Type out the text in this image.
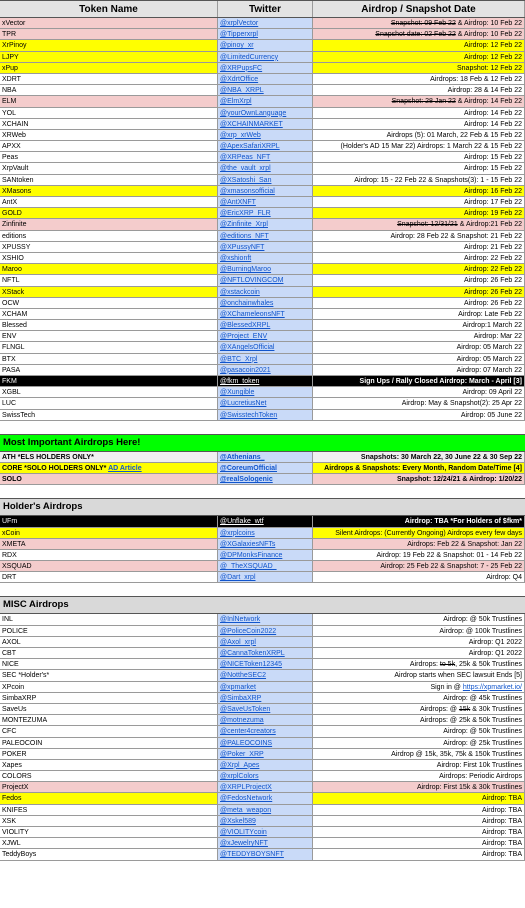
Token Name	Twitter	Airdrop / Snapshot Date
xVector	@xrplVector	Snapshot: 09 Feb 22 & Airdrop: 10 Feb 22
TPR	@Tipperxrpl	Snapshot date: 02 Feb 22 & Airdrop: 10 Feb 22
XrPinoy	@pinoy_xr	Airdrop: 12 Feb 22
LJPY	@LimitedCurrency	Airdrop: 12 Feb 22
xPup	@XRPupsFC	Snapshot: 12 Feb 22
XDRT	@XdrtOffice	Airdrops: 18 Feb & 12 Feb 22
NBA	@NBA_XRPL	Airdrop: 28 & 14 Feb 22
ELM	@ElmXrpl	Snapshot: 28 Jan 22 & Airdrop: 14 Feb 22
YOL	@yourOwnLanguage	Airdrop: 14 Feb 22
XCHAIN	@XCHAINMARKET	Airdrop: 14 Feb 22
XRWeb	@xrp_xrWeb	Airdrops (5): 01 March, 22 Feb & 15 Feb 22
APXX	@ApexSafariXRPL	(Holder's AD 15 Mar 22) Airdrops: 1 March 22 & 15 Feb 22
Peas	@XRPeas_NFT	Airdrop: 15 Feb 22
XrpVault	@the_vault_xrpl	Airdrop: 15 Feb 22
SANtoken	@XSatoshi_San	Airdrop: 15 - 22 Feb 22 & Snapshots(3): 1 - 15 Feb 22
XMasons	@xmasonsofficial	Airdrop: 16 Feb 22
AntX	@AntXNFT	Airdrop: 17 Feb 22
GOLD	@EricXRP_FLR	Airdrop: 19 Feb 22
Zinfinite	@Zinfinite_Xrpl	Snapshot: 12/31/21 & Airdrop:21 Feb 22
editions	@editions_NFT	Airdrop: 28 Feb 22 & Snapshot: 21 Feb 22
XPUSSY	@XPussyNFT	Airdrop: 21 Feb 22
XSHIO	@xshionft	Airdrop: 22 Feb 22
Maroo	@BurningMaroo	Airdrop: 22 Feb 22
NFTL	@NFTLOVINGCOM	Airdrop: 26 Feb 22
XStack	@xstackcoin	Airdrop: 26 Feb 22
OCW	@onchainwhales	Airdrop: 26 Feb 22
XCHAM	@XChameleonsNFT	Airdrop: Late Feb 22
Blessed	@BlessedXRPL	Airdrop:1 March 22
ENV	@Project_ENV	Airdrop: Mar 22
FLNGL	@XAngelsOfficial	Airdrop: 05 March 22
BTX	@BTC_Xrpl	Airdrop: 05 March 22
PASA	@pasacoin2021	Airdrop: 07 March 22
FKM	@fkm_token	Sign Ups / Rally Closed Airdrop: March - April [3]
XGBL	@Xungible	Airdrop: 09 April 22
LUC	@LucretiusNet	Airdrop: May & Snapshot(2): 25 Apr 22
SwissTech	@SwisstechToken	Airdrop: 05 June 22
Most Important Airdrops Here!
ATH *ELS HOLDERS ONLY*	@Athenians_	Snapshots: 30 March 22, 30 June 22 & 30 Sep 22
CORE *SOLO HOLDERS ONLY* AD Article	@CoreumOfficial	Airdrops & Snapshots: Every Month, Random Date/Time [4]
SOLO	@realSologenic	Snapshot: 12/24/21 & Airdrop: 1/20/22
Holder's Airdrops
UFm	@Unflake_wtf	Airdrop: TBA *For Holders of $fkm*
xCoin	@xrplcoins	Silent Airdrops: (Currently Ongoing) Airdrops every few days
XMETA	@XGalaxiesNFTs	Airdrops: Feb 22 & Snapshot: Jan 22
RDX	@DPMonksFinance	Airdrop: 19 Feb 22 & Snapshot: 01 - 14 Feb 22
XSQUAD	@_TheXSQUAD_	Airdrop: 25 Feb 22 & Snapshot: 7 - 25 Feb 22
DRT	@Dart_xrpl	Airdrop: Q4
MISC Airdrops
INL	@InlNetwork	Airdrop: @ 50k Trustlines
POLICE	@PoliceCoin2022	Airdrop: @ 100k Trustlines
AXOL	@Axol_xrpl	Airdrop: Q1 2022
CBT	@CannaTokenXRPL	Airdrop: Q1 2022
NICE	@NICEToken12345	Airdrops: to 5k, 25k & 50k Trustlines
SEC *Holder's*	@NottheSEC2	Airdrop starts when SEC lawsuit Ends [5]
XPcoin	@xpmarket	Sign in @ https://xpmarket.io/
SimbaXRP	@SimbaXRP	Airdrop: @ 45k Trustlines
SaveUs	@SaveUsToken	Airdrops: @ 15k & 30k Trustlines
MONTEZUMA	@motnezuma	Airdrops: @ 25k & 50k Trustlines
CFC	@center4creators	Airdrop: @ 50k Trustlines
PALEOCOIN	@PALEOCOINS	Airdrop: @ 25k Trustlines
POKER	@Poker_XRP	Airdrop @ 15k, 35k, 75k & 150k Trustlines
Xapes	@Xrpl_Apes	Airdrop: First 10k Trustlines
COLORS	@xrplColors	Airdrops: Periodic Airdrops
ProjectX	@XRPLProjectX	Airdrop: First 15k & 30k Trustlines
Fedos	@FedosNetwork	Airdrop: TBA
KNIFES	@meta_weapon	Airdrop: TBA
XSK	@Xskel589	Airdrop: TBA
VIOLITY	@VIOLITYcoin	Airdrop: TBA
XJWL	@xJewelryNFT	Airdrop: TBA
TeddyBoys	@TEDDYBOYSNFT	Airdrop: TBA
